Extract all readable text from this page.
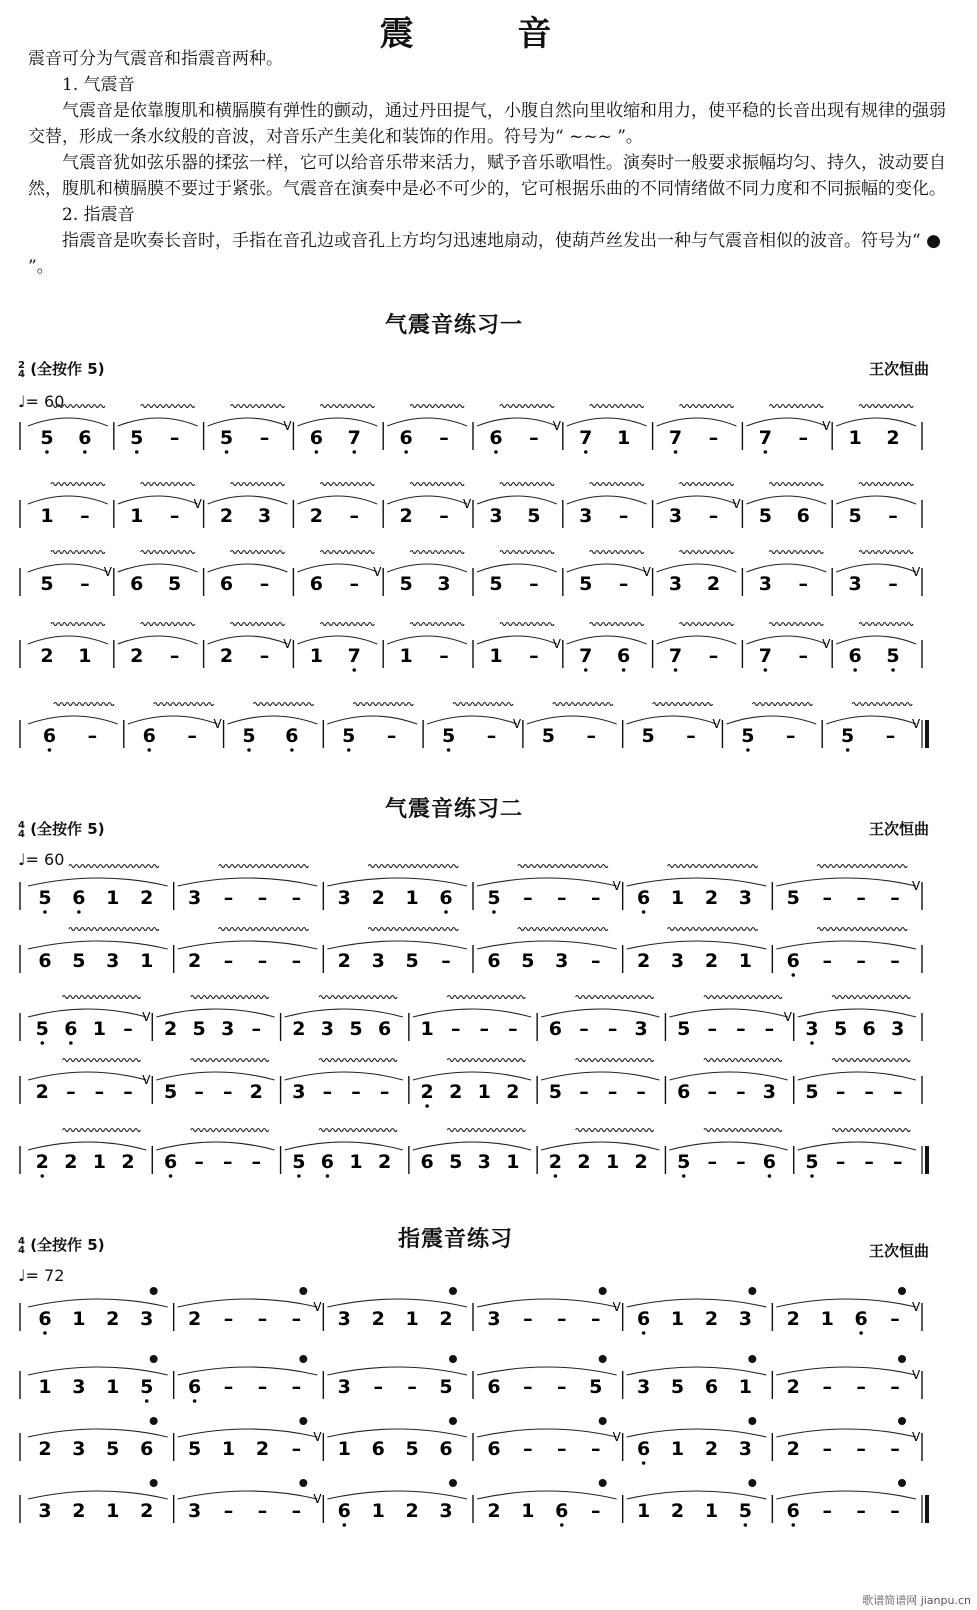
震 音

震音可分为气震音和指震音两种。

1. 气震音

气震音是依靠腹肌和横膈膜有弹性的颤动，通过丹田提气，小腹自然向里收缩和用力，使平稳的长音出现有规律的强弱交替，形成一条水纹般的音波，对音乐产生美化和装饰的作用。符号为“ ~~~ ”。

气震音犹如弦乐器的揉弦一样，它可以给音乐带来活力，赋予音乐歌唱性。演奏时一般要求振幅均匀、持久，波动要自然，腹肌和横膈膜不要过于紧张。气震音在演奏中是必不可少的，它可根据乐曲的不同情绪做不同力度和不同振幅的变化。

2. 指震音

指震音是吹奏长音时，手指在音孔边或音孔上方均匀迅速地扇动，使葫芦丝发出一种与气震音相似的波音。符号为“ ● ”。

气震音练习一
2
4 (全按作 5)	王次恒曲
♩= 60
气震音练习二
4
4 (全按作 5)	王次恒曲
♩= 60
指震音练习
4
4 (全按作 5)	王次恒曲
♩= 72
5 6 5 – 5 –
V
6 7 6 – 6 –
V
7 1 7 – 7 –
V
1 2
1 – 1 –
V
2 3 2 – 2 –
V
3 5 3 – 3 –
V
5 6 5 –
5 –
V
6 5 6 – 6 –
V
5 3 5 – 5 –
V
3 2 3 – 3 –
V
2 1 2 – 2 –
V
1 7 1 – 1 –
V
7 6 7 – 7 –
V
6 5
6 – 6 –
V
5 6 5 – 5 –
V
5 – 5 –
V
5 – 5 –
V
5 6 1 2 3 – – – 3 2 1 6 5 – – –
V
6 1 2 3 5 – – –
V
6 5 3 1 2 – – – 2 3 5 – 6 5 3 – 2 3 2 1 6 – – –
5 6 1 –
V
2 5 3 – 2 3 5 6 1 – – – 6 – – 3 5 – – –
V
3 5 6 3
2 – – –
V
5 – – 2 3 – – – 2 2 1 2 5 – – – 6 – – 3 5 – – –
2 2 1 2 6 – – – 5 6 1 2 6 5 3 1 2 2 1 2 5 – – 6 5 – – –
6 1 2 3 2 – – –
V
3 2 1 2 3 – – –
V
6 1 2 3 2 1 6 –
V
1 3 1 5 6 – – – 3 – – 5 6 – – 5 3 5 6 1 2 – – –
V
2 3 5 6 5 1 2 –
V
1 6 5 6 6 – – –
V
6 1 2 3 2 – – –
V
3 2 1 2 3 – – –
V
6 1 2 3 2 1 6 – 1 2 1 5 6 – – –
歌谱简谱网 jianpu.cn
